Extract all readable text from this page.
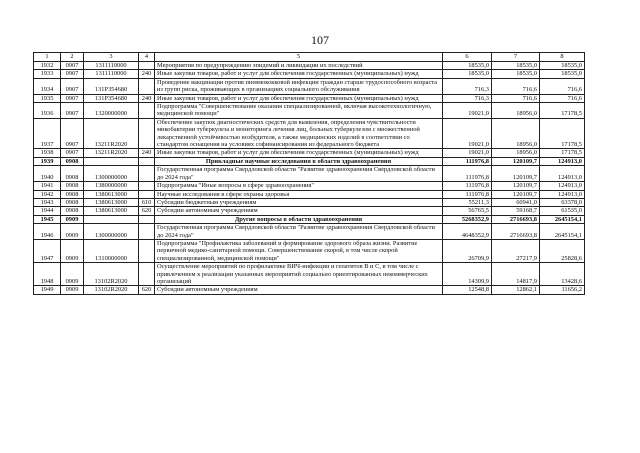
107
1	2	3	4	5	6	7	8
1932	0907	1311110000		Мероприятия по предупреждению эпидемий и ликвидации их последствий	18535,0	18535,0	18535,0
1933	0907	1311110000	240	Иные закупки товаров, работ и услуг для обеспечения государственных (муниципальных) нужд	18535,0	18535,0	18535,0
1934	0907	131P354680		Проведение вакцинации против пневмококковой инфекции граждан старше трудоспособного возраста из групп риска, проживающих в организациях социального обслуживания	716,3	716,6	716,6
1935	0907	131P354680	240	Иные закупки товаров, работ и услуг для обеспечения государственных (муниципальных) нужд	716,3	716,6	716,6
1936	0907	1320000000		Подпрограмма "Совершенствование оказания специализированной, включая высокотехнологичную, медицинской помощи"	19021,0	18956,0	17178,5
1937	0907	13211R2020		Обеспечение закупок диагностических средств для выявления, определения чувствительности микобактерии туберкулеза и мониторинга лечения лиц, больных туберкулезом с множественной лекарственной устойчивостью возбудителя, а также медицинских изделий в соответствии со стандартом оснащения на условиях софинансирования из федерального бюджета	19021,0	18956,0	17178,5
1938	0907	13211R2020	240	Иные закупки товаров, работ и услуг для обеспечения государственных (муниципальных) нужд	19021,0	18956,0	17178,5
1939	0908			Прикладные научные исследования в области здравоохранения	111976,8	120109,7	124913,0
1940	0908	1300000000		Государственная программа Свердловской области "Развитие здравоохранения Свердловской области до 2024 года"	111976,8	120109,7	124913,0
1941	0908	1380000000		Подпрограмма "Иные вопросы в сфере здравоохранения"	111976,8	120109,7	124913,0
1942	0908	1380613000		Научные исследования в сфере охраны здоровья	111976,8	120109,7	124913,0
1943	0908	1380613000	610	Субсидии бюджетным учреждениям	55211,3	60941,0	63378,0
1944	0908	1380613000	620	Субсидии автономным учреждениям	56765,5	59168,7	61535,0
1945	0909			Другие вопросы в области здравоохранения	5268352,9	2716693,8	2645154,1
1946	0909	1300000000		Государственная программа Свердловской области "Развитие здравоохранения Свердловской области до 2024 года"	4648352,9	2716693,8	2645154,1
1947	0909	1310000000		Подпрограмма "Профилактика заболеваний и формирование здорового образа жизни. Развитие первичной медико-санитарной помощи. Совершенствование скорой, в том числе скорой специализированной, медицинской помощи"	26709,9	27217,9	25828,6
1948	0909	13102R2020		Осуществление мероприятий по профилактике ВИЧ-инфекции и гепатитов В и С, в том числе с привлечением к реализации указанных мероприятий социально ориентированных некоммерческих организаций	14309,9	14817,9	13428,6
1949	0909	13102R2020	620	Субсидии автономным учреждениям	12548,8	12862,1	11656,2
